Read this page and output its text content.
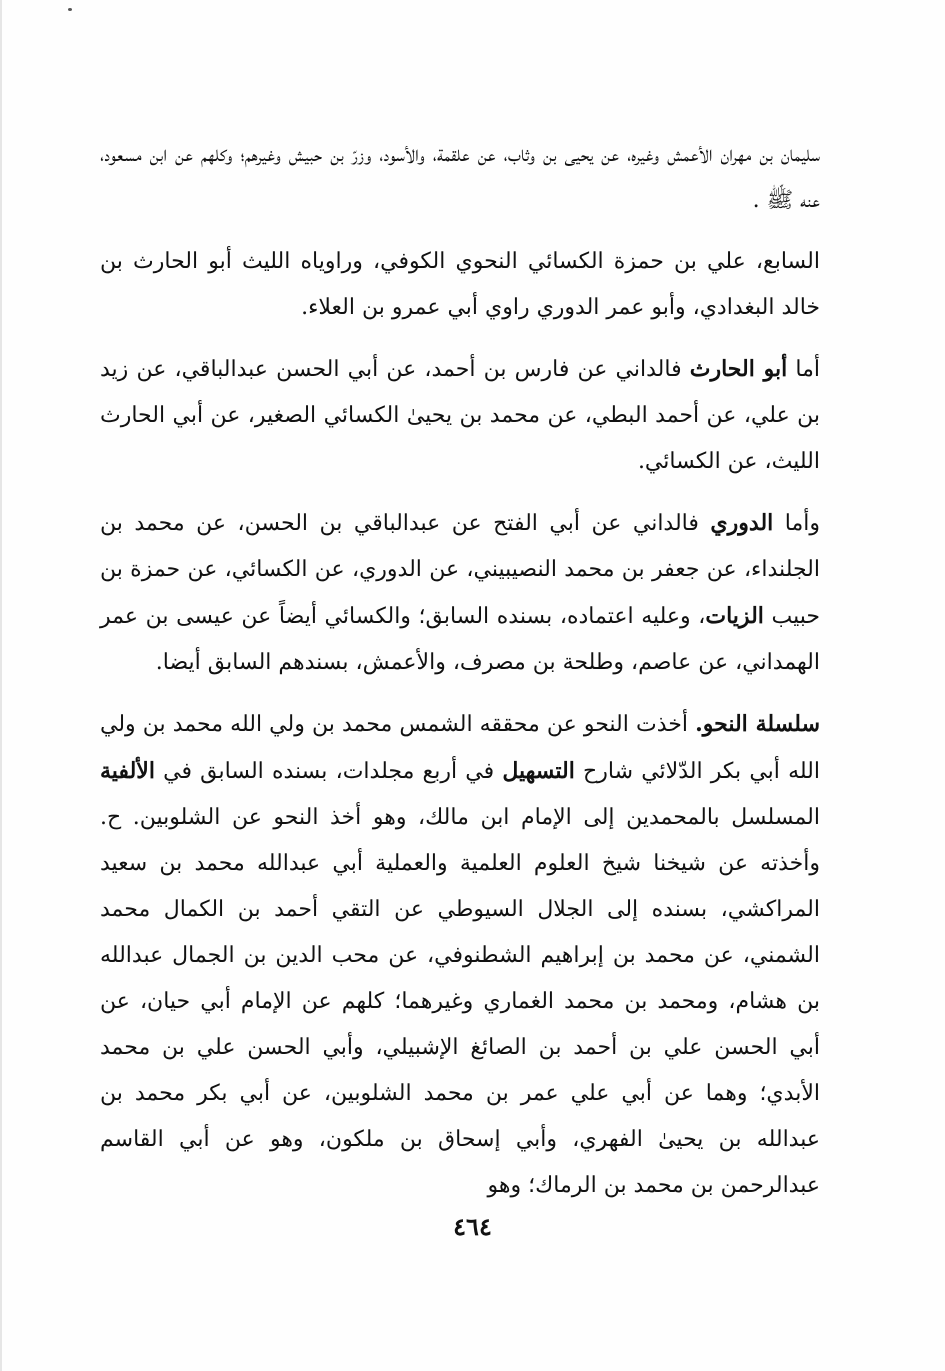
سليمان بن مهران الأعمش وغيره، عن يحيى بن وثاب، عن علقمة، والأسود، وزرّ بن حبيش وغيرهم؛ وكلهم عن ابن مسعود، عنه ﷺ .

السابع، علي بن حمزة الكسائي النحوي الكوفي، وراوياه الليث أبو الحارث بن خالد البغدادي، وأبو عمر الدوري راوي أبي عمرو بن العلاء.

أما أبو الحارث فالداني عن فارس بن أحمد، عن أبي الحسن عبدالباقي، عن زيد بن علي، عن أحمد البطي، عن محمد بن يحيىٰ الكسائي الصغير، عن أبي الحارث الليث، عن الكسائي.

وأما الدوري فالداني عن أبي الفتح عن عبدالباقي بن الحسن، عن محمد بن الجلنداء، عن جعفر بن محمد النصيبيني، عن الدوري، عن الكسائي، عن حمزة بن حبيب الزيات، وعليه اعتماده، بسنده السابق؛ والكسائي أيضاً عن عيسى بن عمر الهمداني، عن عاصم، وطلحة بن مصرف، والأعمش، بسندهم السابق أيضا.

سلسلة النحو. أخذت النحو عن محققه الشمس محمد بن ولي الله محمد بن ولي الله أبي بكر الدّلائي شارح التسهيل في أربع مجلدات، بسنده السابق في الألفية المسلسل بالمحمدين إلى الإمام ابن مالك، وهو أخذ النحو عن الشلوبين. ح. وأخذته عن شيخنا شيخ العلوم العلمية والعملية أبي عبدالله محمد بن سعيد المراكشي، بسنده إلى الجلال السيوطي عن التقي أحمد بن الكمال محمد الشمني، عن محمد بن إبراهيم الشطنوفي، عن محب الدين بن الجمال عبدالله بن هشام، ومحمد بن محمد الغماري وغيرهما؛ كلهم عن الإمام أبي حيان، عن أبي الحسن علي بن أحمد بن الصائغ الإشبيلي، وأبي الحسن علي بن محمد الأبدي؛ وهما عن أبي علي عمر بن محمد الشلوبين، عن أبي بكر محمد بن عبدالله بن يحيىٰ الفهري، وأبي إسحاق بن ملكون، وهو عن أبي القاسم عبدالرحمن بن محمد بن الرماك؛ وهو

٤٦٤
